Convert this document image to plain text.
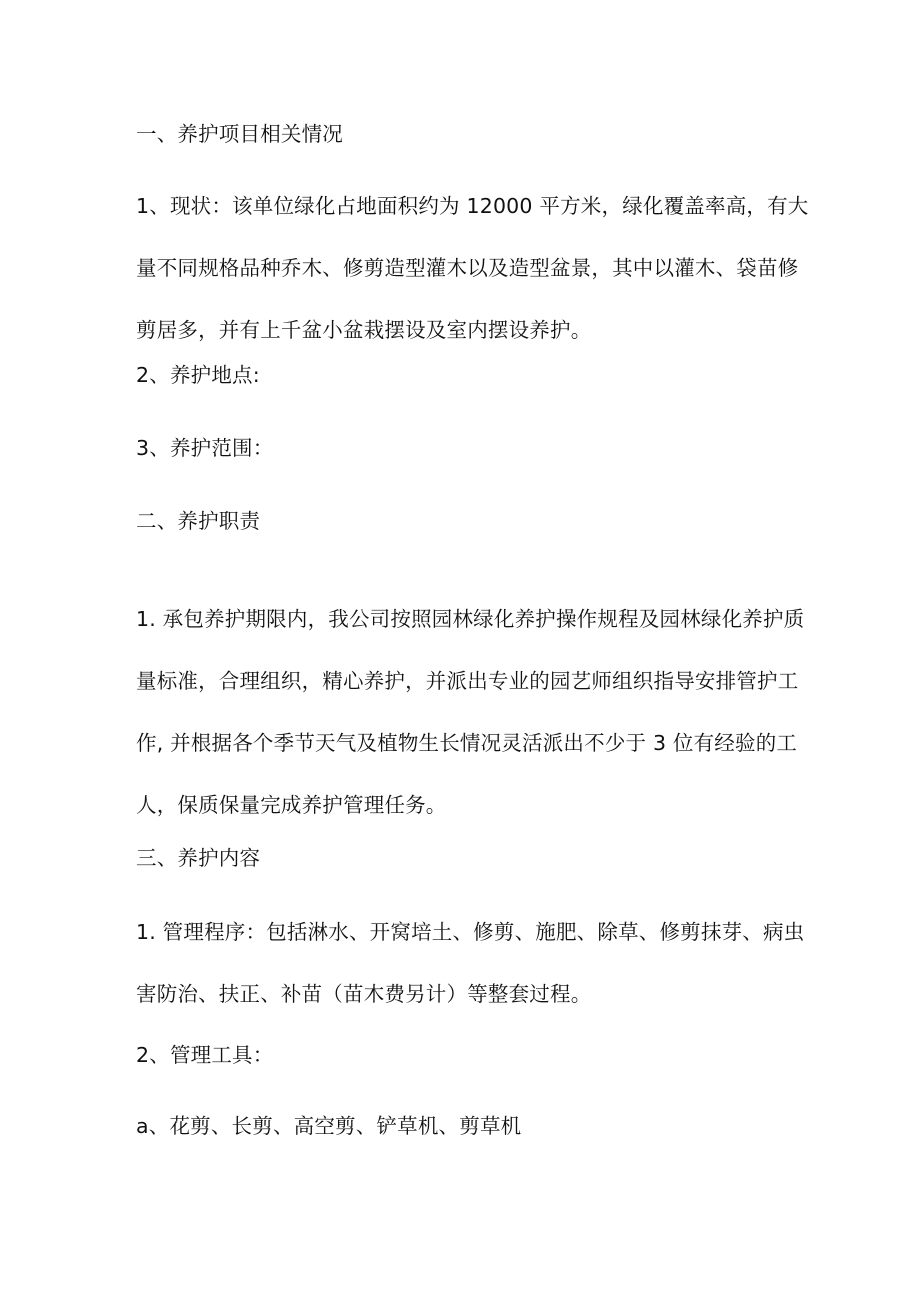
一、养护项目相关情况
1、现状：该单位绿化占地面积约为 12000 平方米，绿化覆盖率高，有大
量不同规格品种乔木、修剪造型灌木以及造型盆景，其中以灌木、袋苗修
剪居多，并有上千盆小盆栽摆设及室内摆设养护。
2、养护地点:
3、养护范围：
二、养护职责
1. 承包养护期限内，我公司按照园林绿化养护操作规程及园林绿化养护质
量标准，合理组织，精心养护，并派出专业的园艺师组织指导安排管护工
作, 并根据各个季节天气及植物生长情况灵活派出不少于 3 位有经验的工
人，保质保量完成养护管理任务。
三、养护内容
1. 管理程序：包括淋水、开窝培土、修剪、施肥、除草、修剪抹芽、病虫
害防治、扶正、补苗（苗木费另计）等整套过程。
2、管理工具：
a、花剪、长剪、高空剪、铲草机、剪草机
